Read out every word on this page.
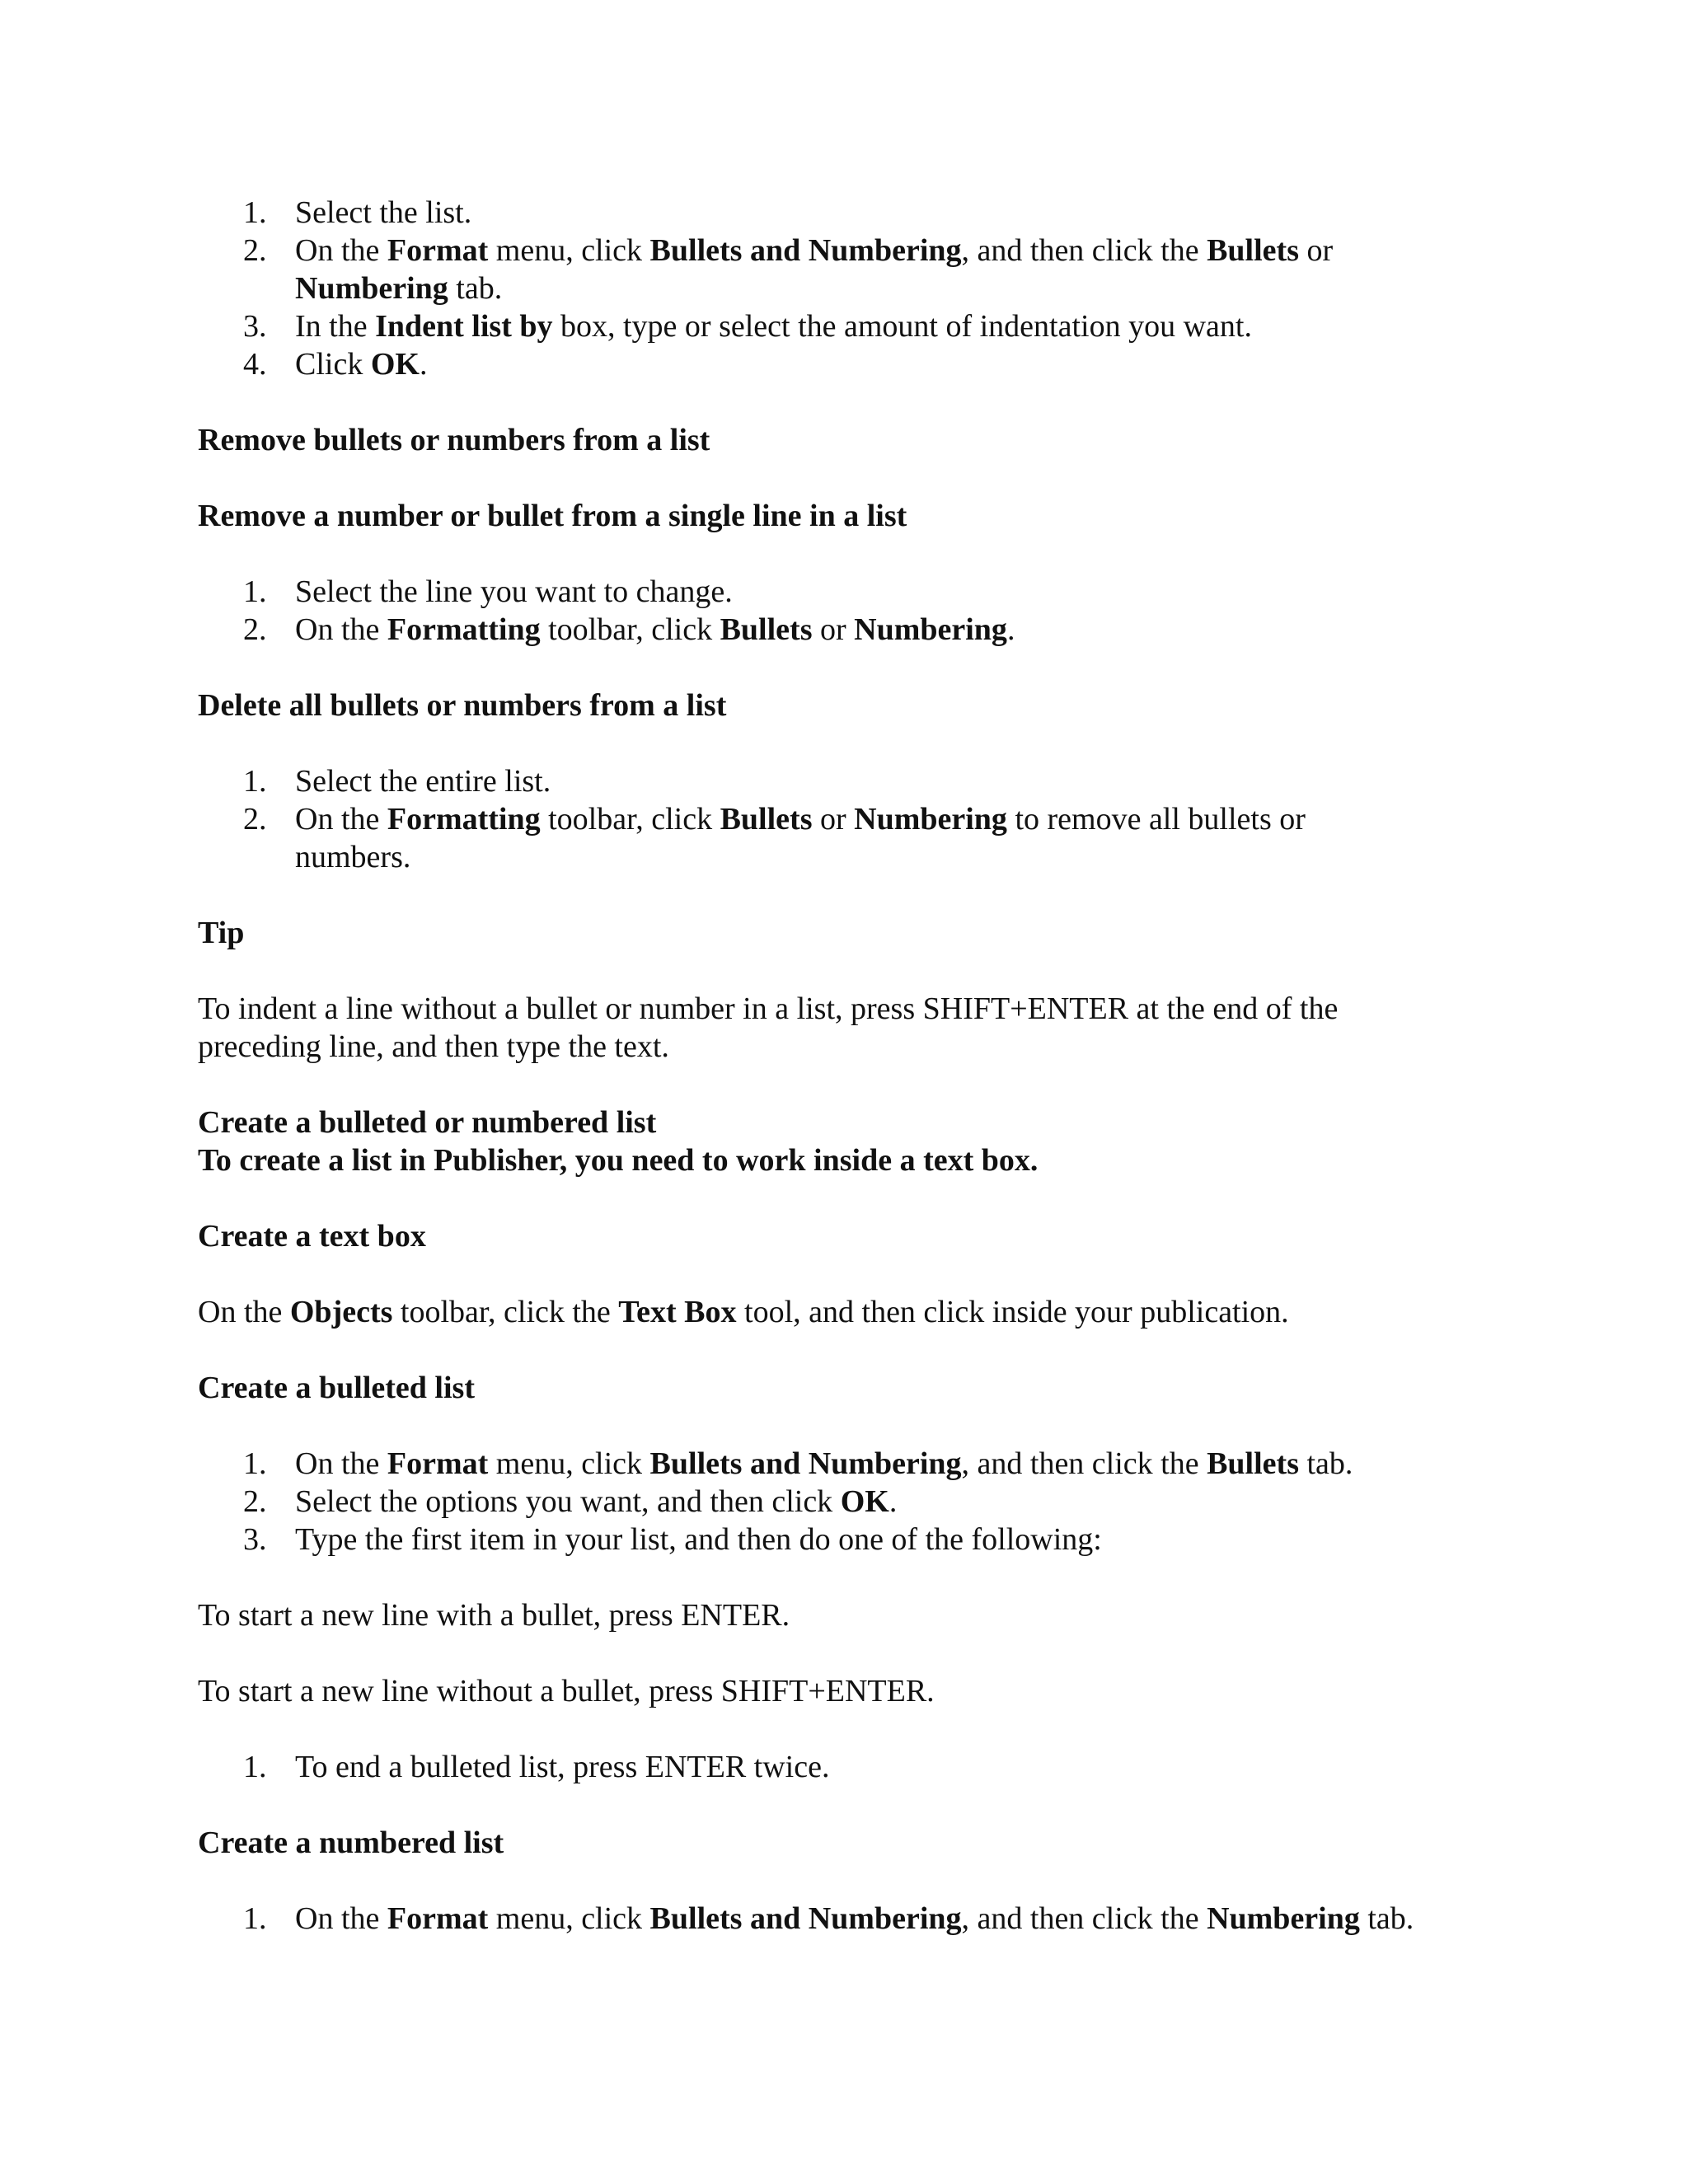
1. Select the list.
2. On the Format menu, click Bullets and Numbering, and then click the Bullets or
Numbering tab.
3. In the Indent list by box, type or select the amount of indentation you want.
4. Click OK.
Remove bullets or numbers from a list
Remove a number or bullet from a single line in a list
1. Select the line you want to change.
2. On the Formatting toolbar, click Bullets or Numbering.
Delete all bullets or numbers from a list
1. Select the entire list.
2. On the Formatting toolbar, click Bullets or Numbering to remove all bullets or
numbers.
Tip
To indent a line without a bullet or number in a list, press SHIFT+ENTER at the end of the
preceding line, and then type the text.
Create a bulleted or numbered list
To create a list in Publisher, you need to work inside a text box.
Create a text box
On the Objects toolbar, click the Text Box tool, and then click inside your publication.
Create a bulleted list
1. On the Format menu, click Bullets and Numbering, and then click the Bullets tab.
2. Select the options you want, and then click OK.
3. Type the first item in your list, and then do one of the following:
To start a new line with a bullet, press ENTER.
To start a new line without a bullet, press SHIFT+ENTER.
1. To end a bulleted list, press ENTER twice.
Create a numbered list
1. On the Format menu, click Bullets and Numbering, and then click the Numbering tab.
